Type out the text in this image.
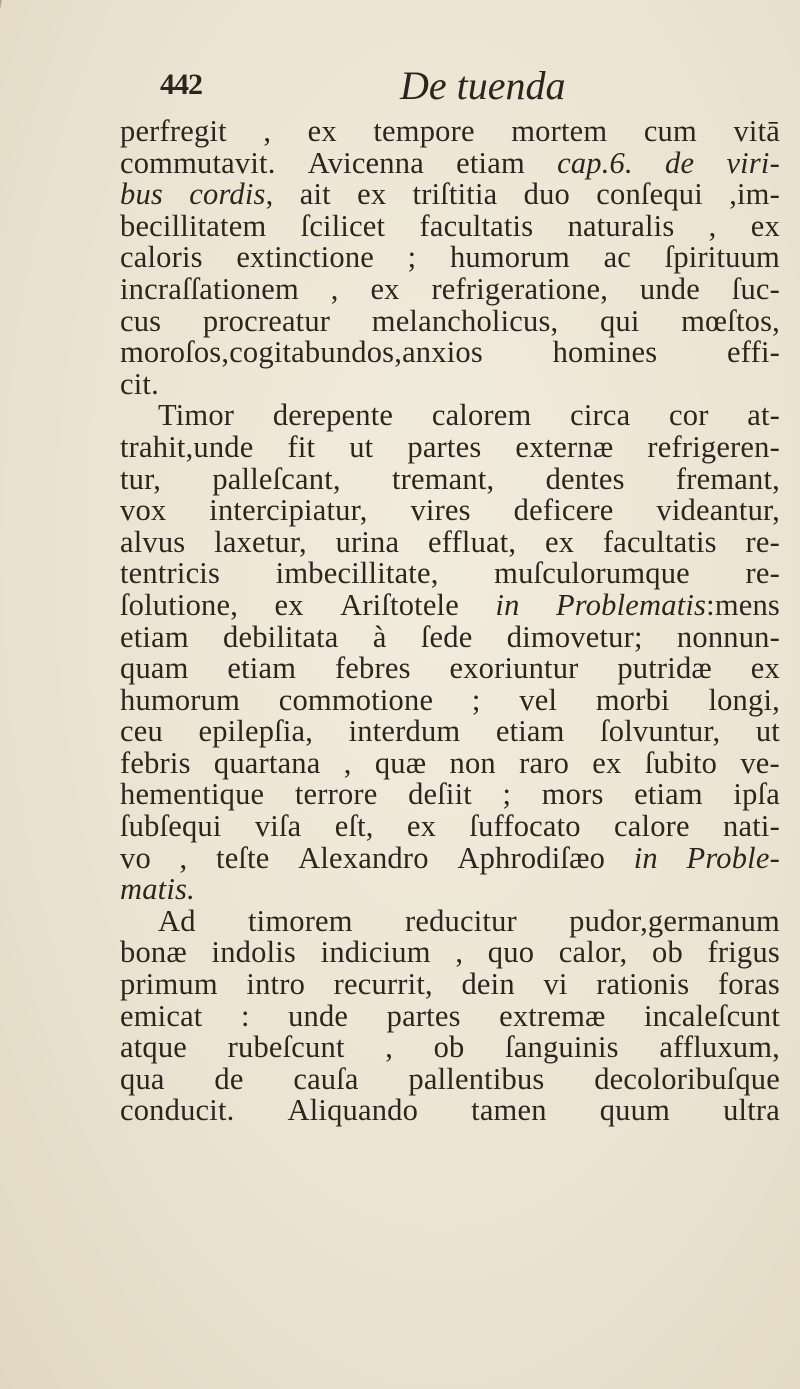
442	De tuenda
perfregit , ex tempore mortem cum vitā
commutavit. Avicenna etiam cap.6. de viri-
bus cordis, ait ex triſtitia duo conſequi ,im-
becillitatem ſcilicet facultatis naturalis , ex
caloris extinctione ; humorum ac ſpirituum
incraſſationem , ex refrigeratione, unde ſuc-
cus procreatur melancholicus, qui mœſtos,
moroſos,cogitabundos,anxios homines effi-
cit.
Timor derepente calorem circa cor at-
trahit,unde fit ut partes externæ refrigeren-
tur, palleſcant, tremant, dentes fremant,
vox intercipiatur, vires deficere videantur,
alvus laxetur, urina effluat, ex facultatis re-
tentricis imbecillitate, muſculorumque re-
ſolutione, ex Ariſtotele in Problematis:mens
etiam debilitata à ſede dimovetur; nonnun-
quam etiam febres exoriuntur putridæ ex
humorum commotione ; vel morbi longi,
ceu epilepſia, interdum etiam ſolvuntur, ut
febris quartana , quæ non raro ex ſubito ve-
hementique terrore deſiit ; mors etiam ipſa
ſubſequi viſa eſt, ex ſuffocato calore nati-
vo , teſte Alexandro Aphrodiſæo in Proble-
matis.
Ad timorem reducitur pudor,germanum
bonæ indolis indicium , quo calor, ob frigus
primum intro recurrit, dein vi rationis foras
emicat : unde partes extremæ incaleſcunt
atque rubeſcunt , ob ſanguinis affluxum,
qua de cauſa pallentibus decoloribuſque
conducit. Aliquando tamen quum ultra
